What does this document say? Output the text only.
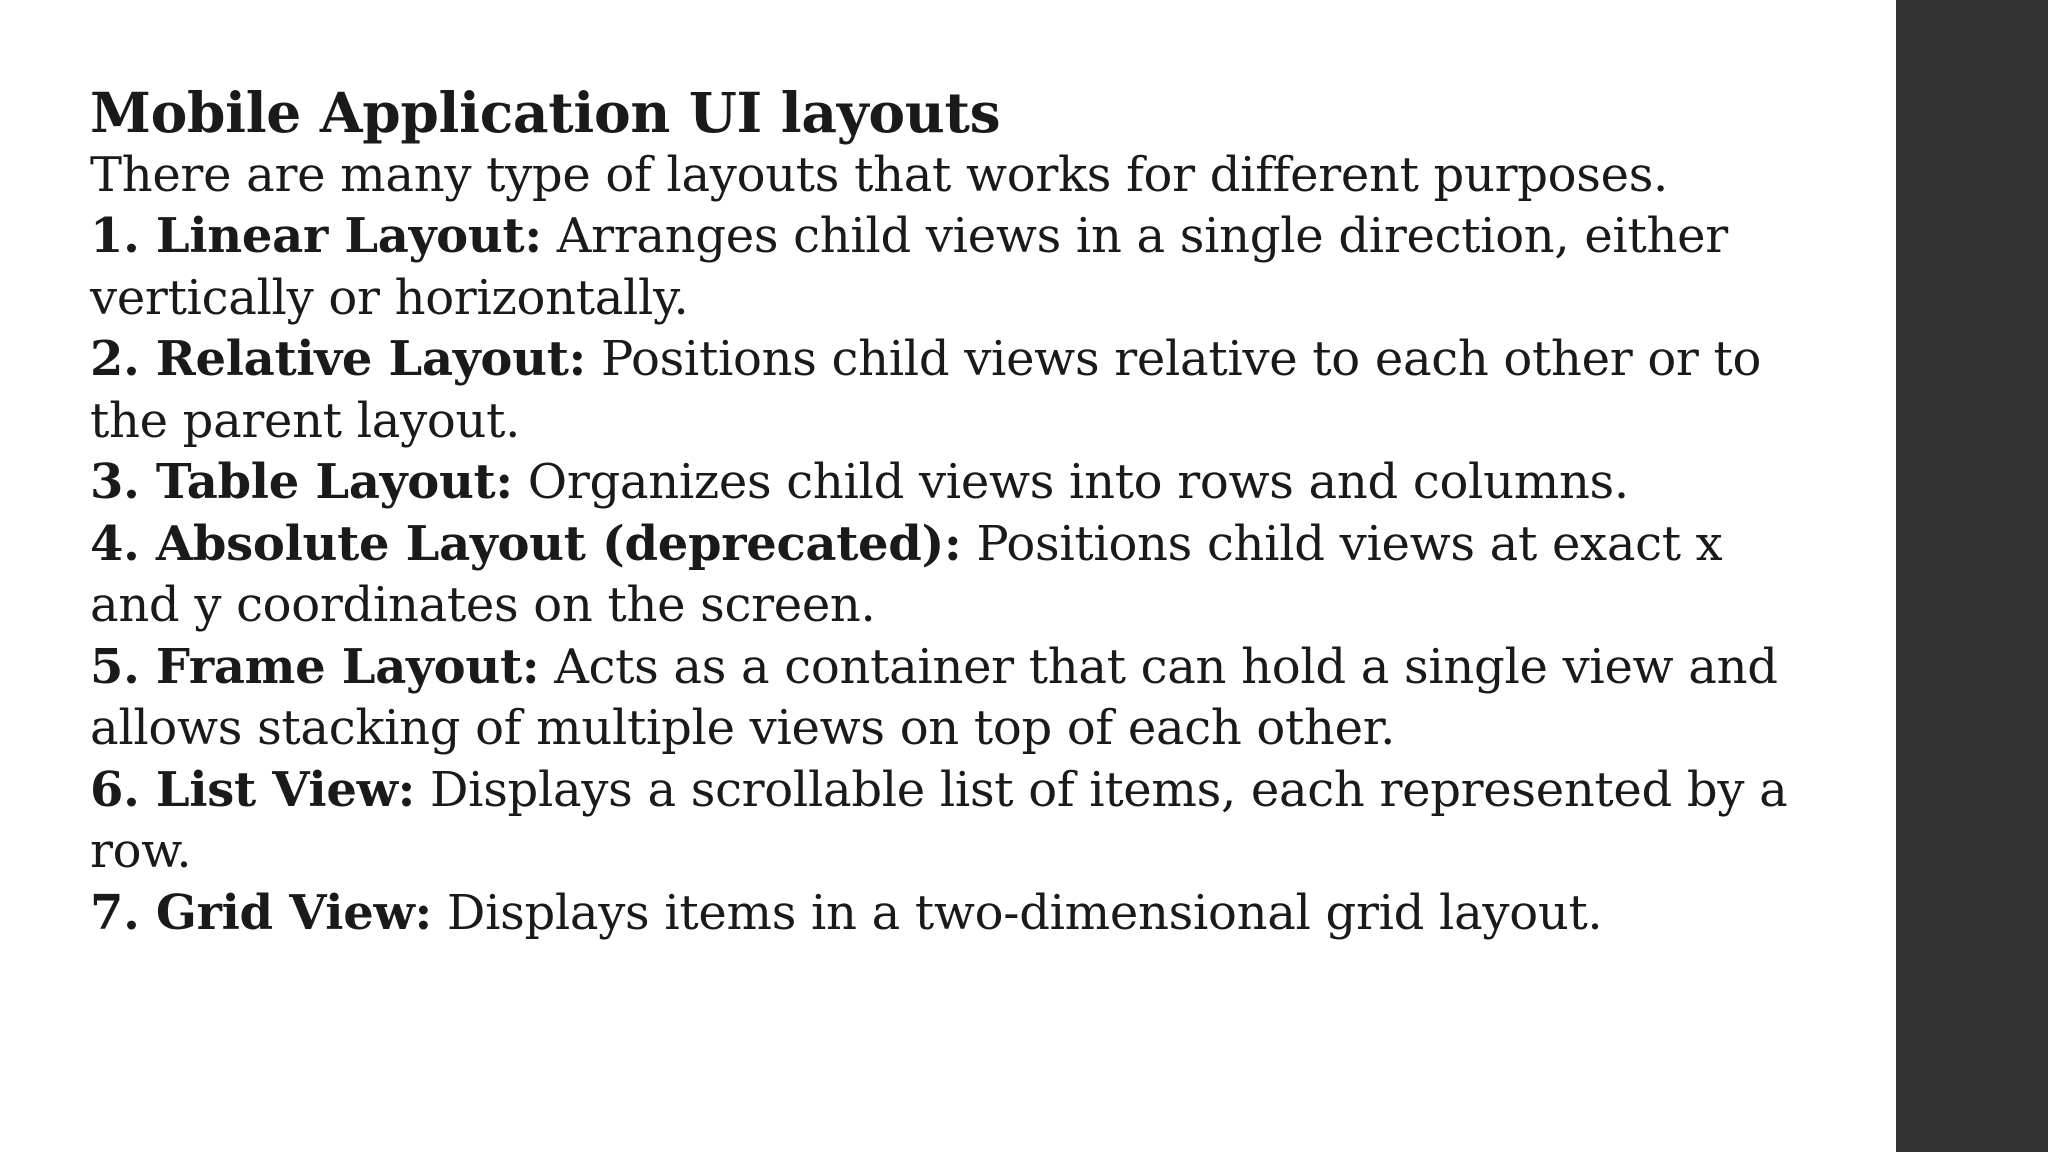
Mobile Application UI layouts

There are many type of layouts that works for different purposes.

1. Linear Layout: Arranges child views in a single direction, either vertically or horizontally.
2. Relative Layout: Positions child views relative to each other or to the parent layout.
3. Table Layout: Organizes child views into rows and columns.
4. Absolute Layout (deprecated): Positions child views at exact x and y coordinates on the screen.
5. Frame Layout: Acts as a container that can hold a single view and allows stacking of multiple views on top of each other.
6. List View: Displays a scrollable list of items, each represented by a row.
7. Grid View: Displays items in a two-dimensional grid layout.
